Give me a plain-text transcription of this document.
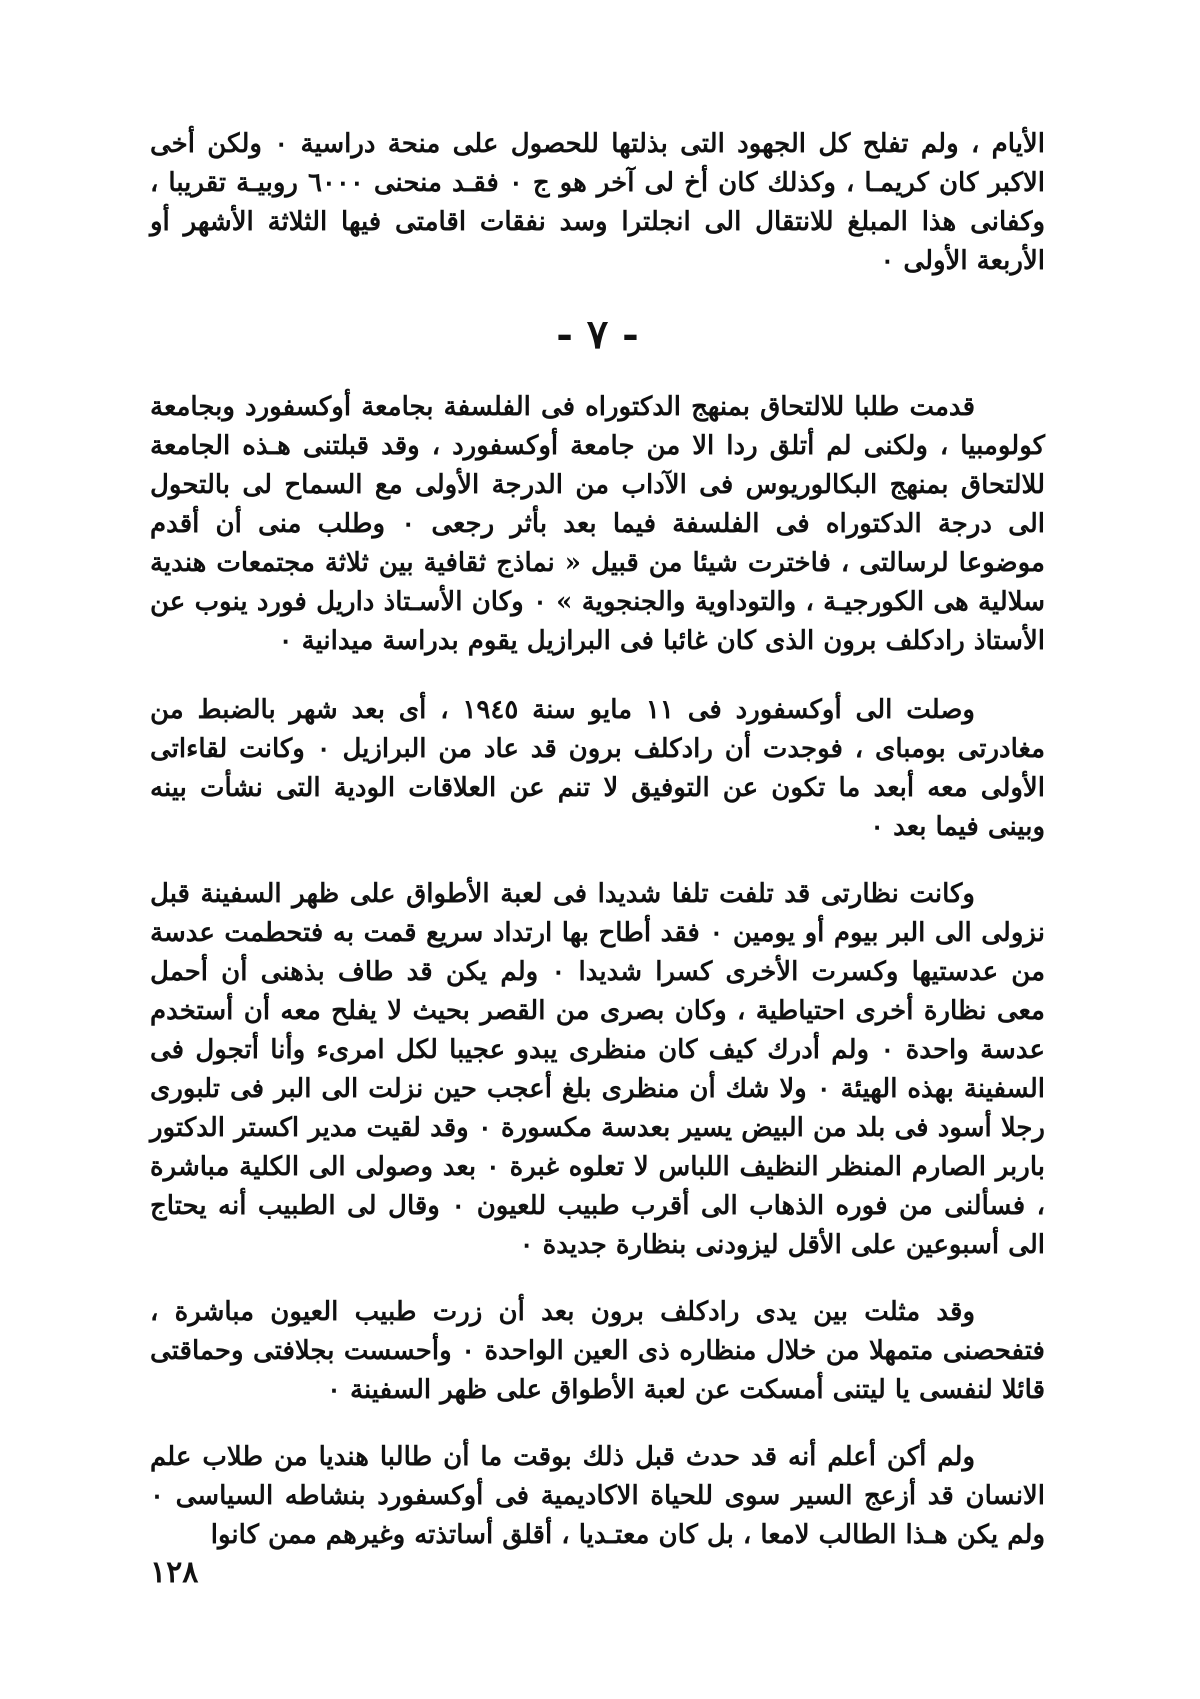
الأيام ، ولم تفلح كل الجهود التى بذلتها للحصول على منحة دراسية ٠ ولكن أخى الاكبر كان كريمـا ، وكذلك كان أخ لى آخر هو ج ٠ فقـد منحنى ٦٠٠٠ روبيـة تقريبا ، وكفانى هذا المبلغ للانتقال الى انجلترا وسد نفقات اقامتى فيها الثلاثة الأشهر أو الأربعة الأولى ٠

- ٧ -

قدمت طلبا للالتحاق بمنهج الدكتوراه فى الفلسفة بجامعة أوكسفورد وبجامعة كولومبيا ، ولكنى لم أتلق ردا الا من جامعة أوكسفورد ، وقد قبلتنى هـذه الجامعة للالتحاق بمنهج البكالوريوس فى الآداب من الدرجة الأولى مع السماح لى بالتحول الى درجة الدكتوراه فى الفلسفة فيما بعد بأثر رجعى ٠ وطلب منى أن أقدم موضوعا لرسالتى ، فاخترت شيئا من قبيل « نماذج ثقافية بين ثلاثة مجتمعات هندية سلالية هى الكورجيـة ، والتوداوية والجنجوية » ٠ وكان الأسـتاذ داريل فورد ينوب عن الأستاذ رادكلف برون الذى كان غائبا فى البرازيل يقوم بدراسة ميدانية ٠

وصلت الى أوكسفورد فى ١١ مايو سنة ١٩٤٥ ، أى بعد شهر بالضبط من مغادرتى بومباى ، فوجدت أن رادكلف برون قد عاد من البرازيل ٠ وكانت لقاءاتى الأولى معه أبعد ما تكون عن التوفيق لا تنم عن العلاقات الودية التى نشأت بينه وبينى فيما بعد ٠

وكانت نظارتى قد تلفت تلفا شديدا فى لعبة الأطواق على ظهر السفينة قبل نزولى الى البر بيوم أو يومين ٠ فقد أطاح بها ارتداد سريع قمت به فتحطمت عدسة من عدستيها وكسرت الأخرى كسرا شديدا ٠ ولم يكن قد طاف بذهنى أن أحمل معى نظارة أخرى احتياطية ، وكان بصرى من القصر بحيث لا يفلح معه أن أستخدم عدسة واحدة ٠ ولم أدرك كيف كان منظرى يبدو عجيبا لكل امرىء وأنا أتجول فى السفينة بهذه الهيئة ٠ ولا شك أن منظرى بلغ أعجب حين نزلت الى البر فى تلبورى رجلا أسود فى بلد من البيض يسير بعدسة مكسورة ٠ وقد لقيت مدير اكستر الدكتور باربر الصارم المنظر النظيف اللباس لا تعلوه غبرة ٠ بعد وصولى الى الكلية مباشرة ، فسألنى من فوره الذهاب الى أقرب طبيب للعيون ٠ وقال لى الطبيب أنه يحتاج الى أسبوعين على الأقل ليزودنى بنظارة جديدة ٠

وقد مثلت بين يدى رادكلف برون بعد أن زرت طبيب العيون مباشرة ، فتفحصنى متمهلا من خلال منظاره ذى العين الواحدة ٠ وأحسست بجلافتى وحماقتى قائلا لنفسى يا ليتنى أمسكت عن لعبة الأطواق على ظهر السفينة ٠

ولم أكن أعلم أنه قد حدث قبل ذلك بوقت ما أن طالبا هنديا من طلاب علم الانسان قد أزعج السير سوى للحياة الاكاديمية فى أوكسفورد بنشاطه السياسى ٠ ولم يكن هـذا الطالب لامعا ، بل كان معتـديا ، أقلق أساتذته وغيرهم ممن كانوا

١٢٨
